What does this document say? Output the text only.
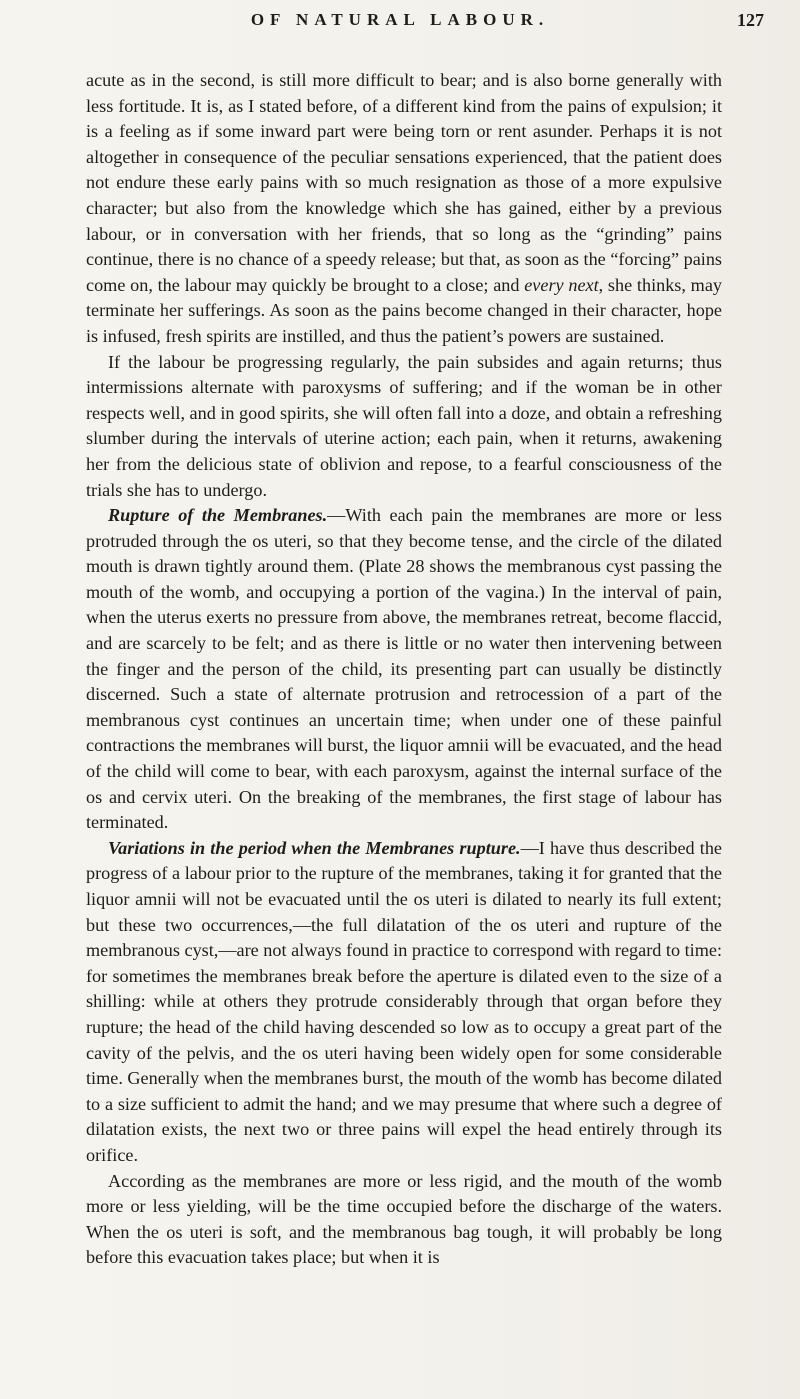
OF NATURAL LABOUR.	127

acute as in the second, is still more difficult to bear; and is also borne generally with less fortitude. It is, as I stated before, of a different kind from the pains of expulsion; it is a feeling as if some inward part were being torn or rent asunder. Perhaps it is not altogether in consequence of the peculiar sensations experienced, that the patient does not endure these early pains with so much resignation as those of a more expulsive character; but also from the knowledge which she has gained, either by a previous labour, or in conversation with her friends, that so long as the “grinding” pains continue, there is no chance of a speedy release; but that, as soon as the “forcing” pains come on, the labour may quickly be brought to a close; and every next, she thinks, may terminate her sufferings. As soon as the pains become changed in their character, hope is infused, fresh spirits are instilled, and thus the patient’s powers are sustained.

If the labour be progressing regularly, the pain subsides and again returns; thus intermissions alternate with paroxysms of suffering; and if the woman be in other respects well, and in good spirits, she will often fall into a doze, and obtain a refreshing slumber during the intervals of uterine action; each pain, when it returns, awakening her from the delicious state of oblivion and repose, to a fearful consciousness of the trials she has to undergo.

Rupture of the Membranes.—With each pain the membranes are more or less protruded through the os uteri, so that they become tense, and the circle of the dilated mouth is drawn tightly around them. (Plate 28 shows the membranous cyst passing the mouth of the womb, and occupying a portion of the vagina.) In the interval of pain, when the uterus exerts no pressure from above, the membranes retreat, become flaccid, and are scarcely to be felt; and as there is little or no water then intervening between the finger and the person of the child, its presenting part can usually be distinctly discerned. Such a state of alternate protrusion and retrocession of a part of the membranous cyst continues an uncertain time; when under one of these painful contractions the membranes will burst, the liquor amnii will be evacuated, and the head of the child will come to bear, with each paroxysm, against the internal surface of the os and cervix uteri. On the breaking of the membranes, the first stage of labour has terminated.

Variations in the period when the Membranes rupture.—I have thus described the progress of a labour prior to the rupture of the membranes, taking it for granted that the liquor amnii will not be evacuated until the os uteri is dilated to nearly its full extent; but these two occurrences,—the full dilatation of the os uteri and rupture of the membranous cyst,—are not always found in practice to correspond with regard to time: for sometimes the membranes break before the aperture is dilated even to the size of a shilling: while at others they protrude considerably through that organ before they rupture; the head of the child having descended so low as to occupy a great part of the cavity of the pelvis, and the os uteri having been widely open for some considerable time. Generally when the membranes burst, the mouth of the womb has become dilated to a size sufficient to admit the hand; and we may presume that where such a degree of dilatation exists, the next two or three pains will expel the head entirely through its orifice.

According as the membranes are more or less rigid, and the mouth of the womb more or less yielding, will be the time occupied before the discharge of the waters. When the os uteri is soft, and the membranous bag tough, it will probably be long before this evacuation takes place; but when it is
